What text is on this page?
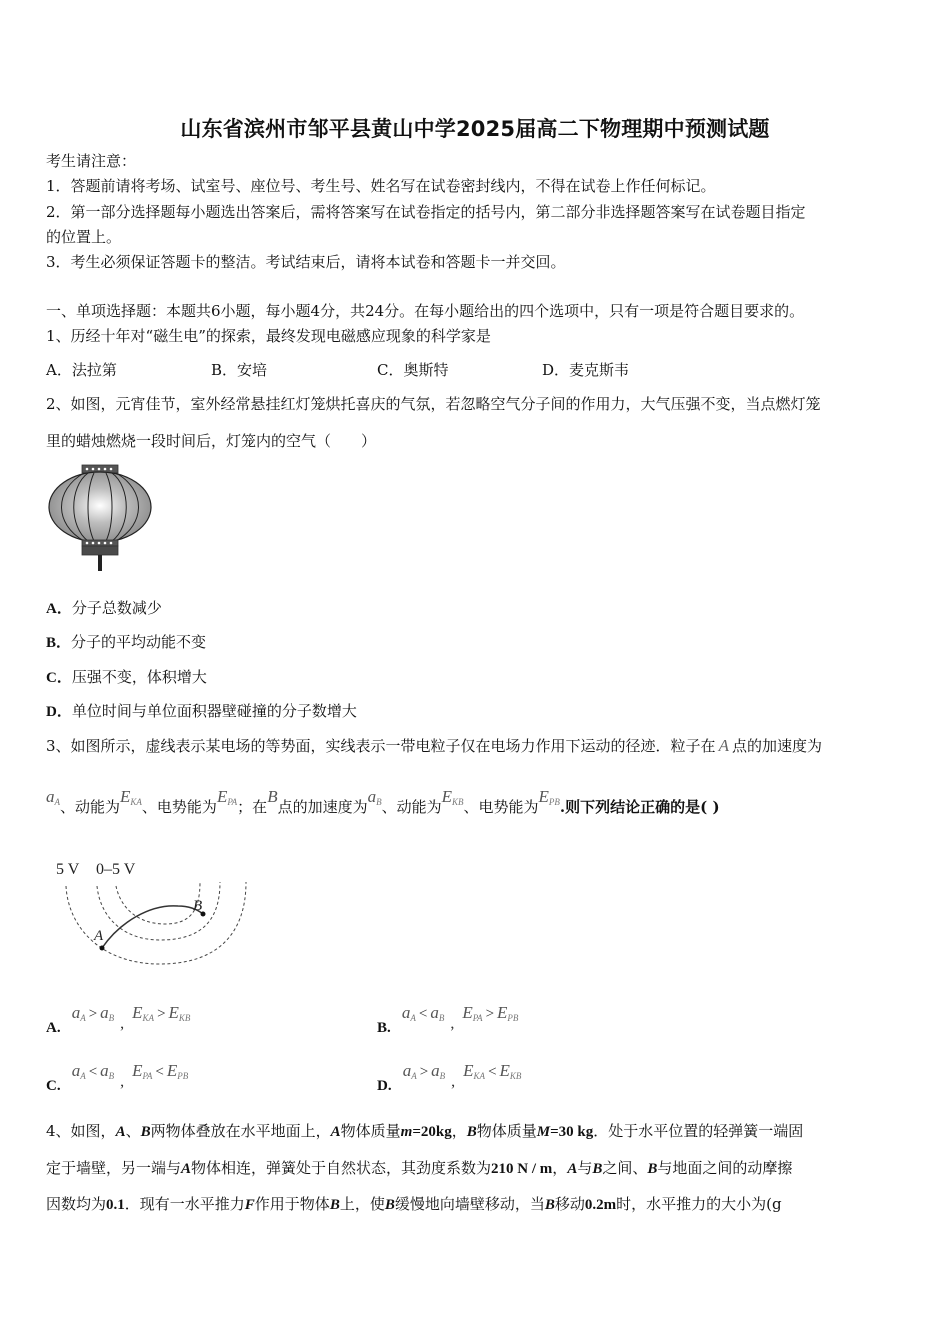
山东省滨州市邹平县黄山中学2025届高二下物理期中预测试题
考生请注意：
1．答题前请将考场、试室号、座位号、考生号、姓名写在试卷密封线内，不得在试卷上作任何标记。
2．第一部分选择题每小题选出答案后，需将答案写在试卷指定的括号内，第二部分非选择题答案写在试卷题目指定
的位置上。
3．考生必须保证答题卡的整洁。考试结束后，请将本试卷和答题卡一并交回。
一、单项选择题：本题共6小题，每小题4分，共24分。在每小题给出的四个选项中，只有一项是符合题目要求的。
1、历经十年对“磁生电”的探索，最终发现电磁感应现象的科学家是
A．法拉第	B．安培	C．奥斯特	D．麦克斯韦
2、如图，元宵佳节，室外经常悬挂红灯笼烘托喜庆的气氛，若忽略空气分子间的作用力，大气压强不变，当点燃灯笼
里的蜡烛燃烧一段时间后，灯笼内的空气（　　）
A．分子总数减少
B．分子的平均动能不变
C．压强不变，体积增大
D．单位时间与单位面积器壁碰撞的分子数增大
3、如图所示，虚线表示某电场的等势面，实线表示一带电粒子仅在电场力作用下运动的径迹．粒子在 A 点的加速度为
$a_A$、动能为$E_{KA}$、电势能为$E_{PA}$；在B点的加速度为$a_B$、动能为$E_{KB}$、电势能为$E_{PB}$.则下列结论正确的是( )
5 V 0–5 V
A
B
A. $a_A > a_B$ $,E_{KA} > E_{KB}$
B. $a_A < a_B$ $,E_{PA} > E_{PB}$
C. $a_A < a_B$ $,E_{PA} < E_{PB}$
D. $a_A > a_B$ $,E_{KA} < E_{KB}$
4、如图，A、B两物体叠放在水平地面上，A物体质量m=20kg，B物体质量M=30 kg．处于水平位置的轻弹簧一端固
定于墙壁，另一端与A物体相连，弹簧处于自然状态，其劲度系数为210 N / m，A与B之间、B与地面之间的动摩擦
因数均为0.1．现有一水平推力F作用于物体B上，使B缓慢地向墙壁移动，当B移动0.2m时，水平推力的大小为(g
